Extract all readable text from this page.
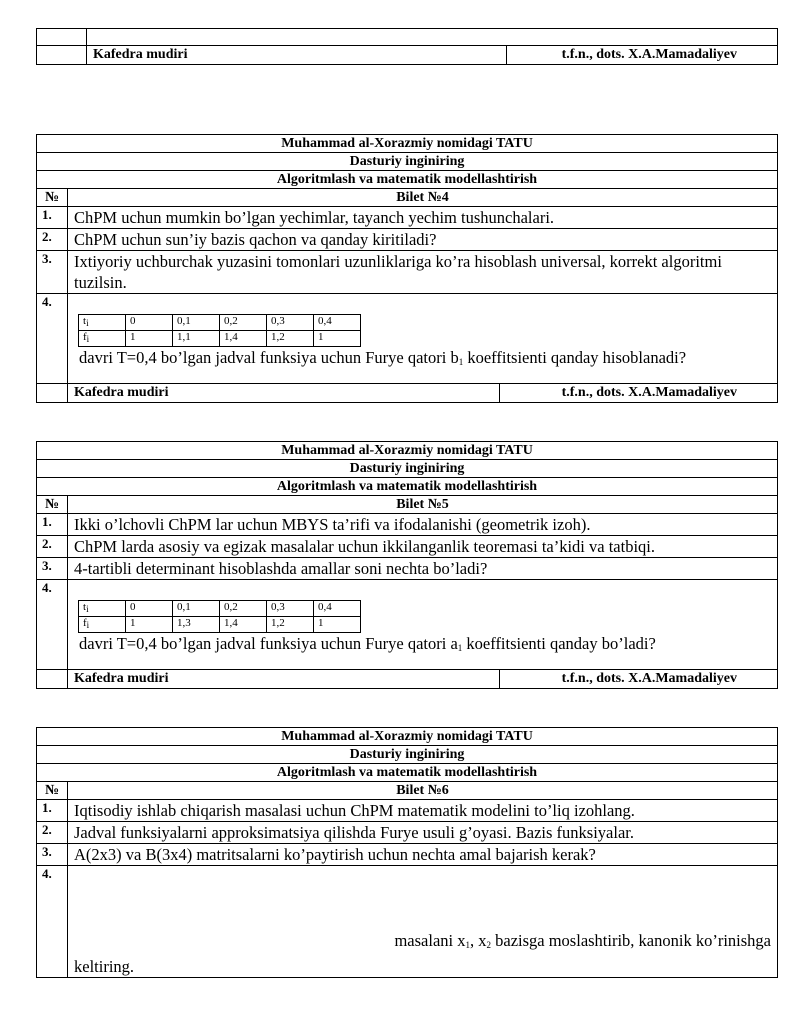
	Kafedra mudiri	t.f.n., dots. X.A.Mamadaliyev
Muhammad al-Xorazmiy nomidagi TATU
Dasturiy inginiring
Algoritmlash va matematik modellashtirish
№	Bilet №4
1.	ChPM uchun mumkin bo’lgan yechimlar, tayanch yechim tushunchalari.
2.	ChPM uchun sun’iy bazis qachon va qanday kiritiladi?
3.	Ixtiyoriy uchburchak yuzasini tomonlari uzunliklariga ko’ra hisoblash universal, korrekt algoritmi tuzilsin.
4.	
$t_i$	0	0,1	0,2	0,3	0,4
$f_i$	1	1,1	1,4	1,2	1
davri T=0,4 bo’lgan jadval funksiya uchun Furye qatori $b_1$ koeffitsienti qanday hisoblanadi?

	Kafedra mudiri	t.f.n., dots. X.A.Mamadaliyev
Muhammad al-Xorazmiy nomidagi TATU
Dasturiy inginiring
Algoritmlash va matematik modellashtirish
№	Bilet №5
1.	Ikki o’lchovli ChPM lar uchun MBYS ta’rifi va ifodalanishi (geometrik izoh).
2.	ChPM larda asosiy va egizak masalalar uchun ikkilanganlik teoremasi ta’kidi va tatbiqi.
3.	4-tartibli determinant hisoblashda amallar soni nechta bo’ladi?
4.	
$t_i$	0	0,1	0,2	0,3	0,4
$f_i$	1	1,3	1,4	1,2	1
davri T=0,4 bo’lgan jadval funksiya uchun Furye qatori $a_1$ koeffitsienti qanday bo’ladi?

	Kafedra mudiri	t.f.n., dots. X.A.Mamadaliyev
Muhammad al-Xorazmiy nomidagi TATU	
Dasturiy inginiring	
Algoritmlash va matematik modellashtirish	
№	Bilet №6
1.	Iqtisodiy ishlab chiqarish masalasi uchun ChPM matematik modelini to’liq izohlang.
2.	Jadval funksiyalarni approksimatsiya qilishda Furye usuli g’oyasi. Bazis funksiyalar.
3.	A(2x3) va B(3x4) matritsalarni ko’paytirish uchun nechta amal bajarish kerak?
4.	masalani $x_1$, $x_2$ bazisga moslashtirib, kanonik ko’rinishga
keltiring.
